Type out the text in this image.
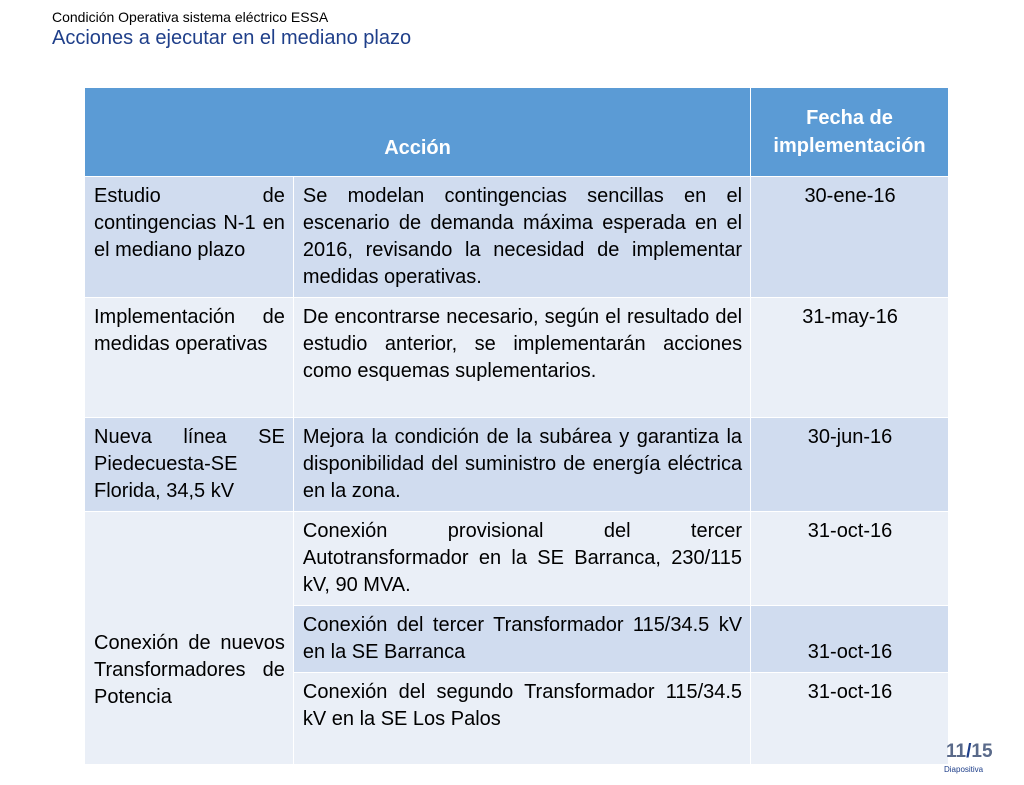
Condición Operativa sistema eléctrico ESSA
Acciones a ejecutar en el mediano plazo
Acción		Fecha de implementación
Estudio de contingencias N-1 en el mediano plazo	Se modelan contingencias sencillas en el escenario de demanda máxima esperada en el 2016, revisando la necesidad de implementar medidas operativas.	30-ene-16
Implementación de medidas operativas	De encontrarse necesario, según el resultado del estudio anterior, se implementarán acciones como esquemas suplementarios.	31-may-16
Nueva línea SE Piedecuesta-SE Florida, 34,5 kV	Mejora la condición de la subárea y garantiza la disponibilidad del suministro de energía eléctrica en la zona.	30-jun-16
Conexión de nuevos Transformadores de Potencia	Conexión provisional del tercer Autotransformador en la SE Barranca, 230/115 kV, 90 MVA.	31-oct-16
	Conexión del tercer Transformador 115/34.5 kV en la SE Barranca	31-oct-16
	Conexión del segundo Transformador 115/34.5 kV en la SE Los Palos	31-oct-16
11/15
Diapositiva
